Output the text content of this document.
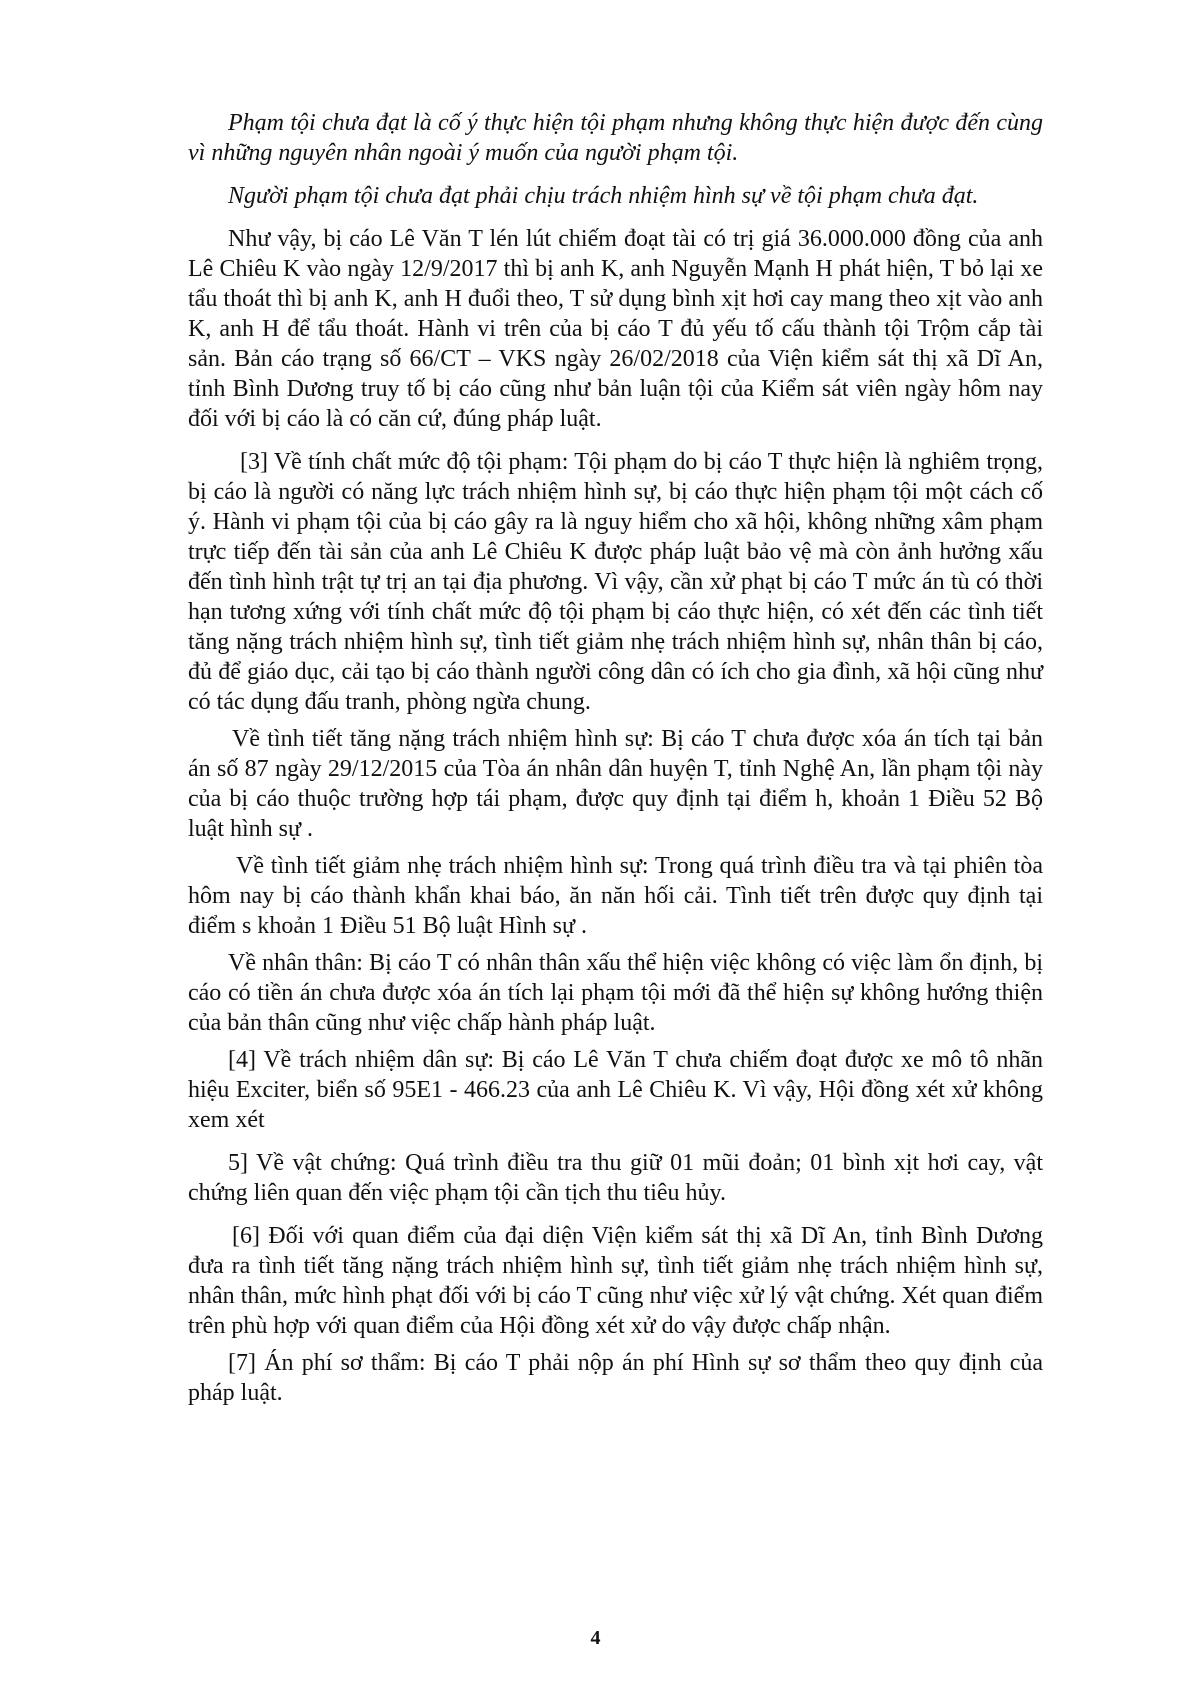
Phạm tội chưa đạt là cố ý thực hiện tội phạm nhưng không thực hiện được đến cùng vì những nguyên nhân ngoài ý muốn của người phạm tội.

Người phạm tội chưa đạt phải chịu trách nhiệm hình sự về tội phạm chưa đạt.

Như vậy, bị cáo Lê Văn T lén lút chiếm đoạt tài có trị giá 36.000.000 đồng của anh Lê Chiêu K vào ngày 12/9/2017 thì bị anh K, anh Nguyễn Mạnh H phát hiện, T bỏ lại xe tẩu thoát thì bị anh K, anh H đuổi theo, T sử dụng bình xịt hơi cay mang theo xịt vào anh K, anh H để tẩu thoát. Hành vi trên của bị cáo T đủ yếu tố cấu thành tội Trộm cắp tài sản. Bản cáo trạng số 66/CT – VKS ngày 26/02/2018 của Viện kiểm sát thị xã Dĩ An, tỉnh Bình Dương truy tố bị cáo cũng như bản luận tội của Kiểm sát viên ngày hôm nay đối với bị cáo là có căn cứ, đúng pháp luật.

[3] Về tính chất mức độ tội phạm: Tội phạm do bị cáo T thực hiện là nghiêm trọng, bị cáo là người có năng lực trách nhiệm hình sự, bị cáo thực hiện phạm tội một cách cố ý. Hành vi phạm tội của bị cáo gây ra là nguy hiểm cho xã hội, không những xâm phạm trực tiếp đến tài sản của anh Lê Chiêu K được pháp luật bảo vệ mà còn ảnh hưởng xấu đến tình hình trật tự trị an tại địa phương. Vì vậy, cần xử phạt bị cáo T mức án tù có thời hạn tương xứng với tính chất mức độ tội phạm bị cáo thực hiện, có xét đến các tình tiết tăng nặng trách nhiệm hình sự, tình tiết giảm nhẹ trách nhiệm hình sự, nhân thân bị cáo, đủ để giáo dục, cải tạo bị cáo thành người công dân có ích cho gia đình, xã hội cũng như có tác dụng đấu tranh, phòng ngừa chung.

Về tình tiết tăng nặng trách nhiệm hình sự: Bị cáo T chưa được xóa án tích tại bản án số 87 ngày 29/12/2015 của Tòa án nhân dân huyện T, tỉnh Nghệ An, lần phạm tội này của bị cáo thuộc trường hợp tái phạm, được quy định tại điểm h, khoản 1 Điều 52 Bộ luật hình sự .

Về tình tiết giảm nhẹ trách nhiệm hình sự: Trong quá trình điều tra và tại phiên tòa hôm nay bị cáo thành khẩn khai báo, ăn năn hối cải. Tình tiết trên được quy định tại điểm s khoản 1 Điều 51 Bộ luật Hình sự .

Về nhân thân: Bị cáo T có nhân thân xấu thể hiện việc không có việc làm ổn định, bị cáo có tiền án chưa được xóa án tích lại phạm tội mới đã thể hiện sự không hướng thiện của bản thân cũng như việc chấp hành pháp luật.

[4] Về trách nhiệm dân sự: Bị cáo Lê Văn T chưa chiếm đoạt được xe mô tô nhãn hiệu Exciter, biển số 95E1 - 466.23 của anh Lê Chiêu K. Vì vậy, Hội đồng xét xử không xem xét

5] Về vật chứng: Quá trình điều tra thu giữ 01 mũi đoản; 01 bình xịt hơi cay, vật chứng liên quan đến việc phạm tội cần tịch thu tiêu hủy.

[6] Đối với quan điểm của đại diện Viện kiểm sát thị xã Dĩ An, tỉnh Bình Dương đưa ra tình tiết tăng nặng trách nhiệm hình sự, tình tiết giảm nhẹ trách nhiệm hình sự, nhân thân, mức hình phạt đối với bị cáo T cũng như việc xử lý vật chứng. Xét quan điểm trên phù hợp với quan điểm của Hội đồng xét xử do vậy được chấp nhận.

[7] Án phí sơ thẩm: Bị cáo T phải nộp án phí Hình sự sơ thẩm theo quy định của pháp luật.

4
